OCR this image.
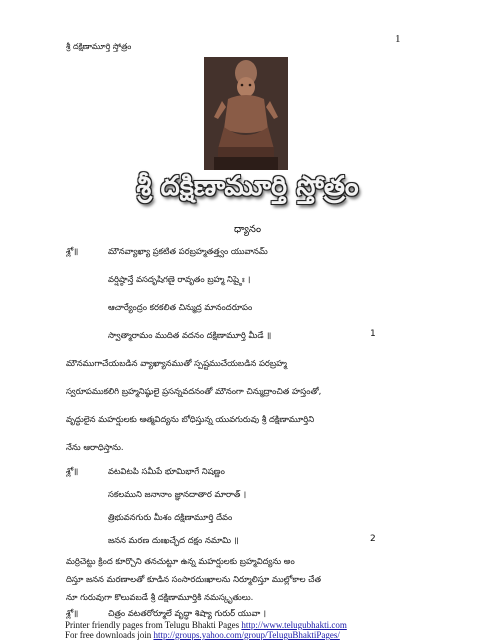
శ్రీ దక్షిణామూర్తి స్తోత్రం
1
శ్రీ దక్షిణామూర్తి స్తోత్రం
ధ్యానం
శ్లో॥	మౌనవ్యాఖ్యా ప్రకటిత పరబ్రహ్మతత్త్వం యువానమ్
వర్షిష్ఠాన్తే వసదృషిగణై రావృతం బ్రహ్మ నిష్ఠైః ।
ఆచార్యేంద్రం కరకలిత చిన్ముద్ర మానందరూపం
స్వాత్మారామం ముదిత వదనం దక్షిణామూర్తి మీడే ॥	1
మౌనముగాచేయబడిన వ్యాఖ్యానముతో స్పష్టముచేయబడిన పరబ్రహ్మ
స్వరూపముకలిగి బ్రహ్మనిష్ఠులై ప్రసన్నవదనంతో మౌనంగా చిన్ముద్రాంచిత హస్తంతో,
వృద్ధులైన మహర్షులకు ఆత్మవిద్యను బోధిస్తున్న యువగురువు శ్రీ దక్షిణామూర్తిని
నేను ఆరాధిస్తాను.
శ్లో॥	వటవిటపి సమీపే భూమిభాగే నిషణ్ణం
సకలముని జనానాం జ్ఞానదాతార మారాత్ ।
త్రిభువనగురు మీశం దక్షిణామూర్తి దేవం
జనన మరణ దుఃఖచ్ఛేద దక్షం నమామి ॥	2
మర్రిచెట్టు క్రింద కూర్చొని తనచుట్టూ ఉన్న మహర్షులకు బ్రహ్మవిద్యను అం
దిస్తూ జనన మరణాలతో కూడిన సంసారదుఃఖాలను నిర్మూలిస్తూ ముల్లోకాల చేత
నూ గురువుగా కొలువబడే శ్రీ దక్షిణామూర్తికి నమస్కృతులు.
శ్లో॥	చిత్రం వటతరోర్మూలే వృద్ధా శిష్యా గురుర్ యువా ।
Printer friendly pages from Telugu Bhakti Pages http://www.telugubhakti.com
For free downloads join http://groups.yahoo.com/group/TeluguBhaktiPages/
